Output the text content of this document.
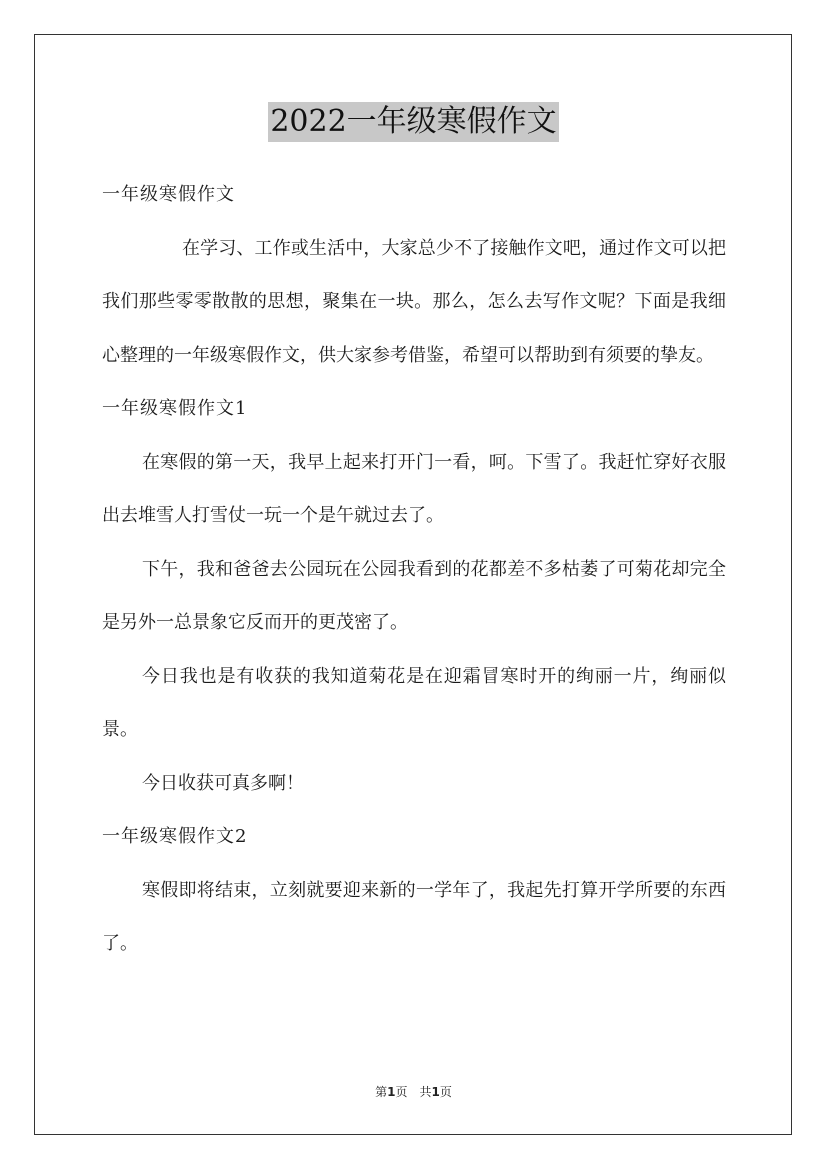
2022一年级寒假作文

一年级寒假作文

在学习、工作或生活中，大家总少不了接触作文吧，通过作文可以把我们那些零零散散的思想，聚集在一块。那么，怎么去写作文呢？下面是我细心整理的一年级寒假作文，供大家参考借鉴，希望可以帮助到有须要的挚友。

一年级寒假作文1

在寒假的第一天，我早上起来打开门一看，呵。下雪了。我赶忙穿好衣服出去堆雪人打雪仗一玩一个是午就过去了。

下午，我和爸爸去公园玩在公园我看到的花都差不多枯萎了可菊花却完全是另外一总景象它反而开的更茂密了。

今日我也是有收获的我知道菊花是在迎霜冒寒时开的绚丽一片，绚丽似景。

今日收获可真多啊！

一年级寒假作文2

寒假即将结束，立刻就要迎来新的一学年了，我起先打算开学所要的东西了。

第1页　共1页
